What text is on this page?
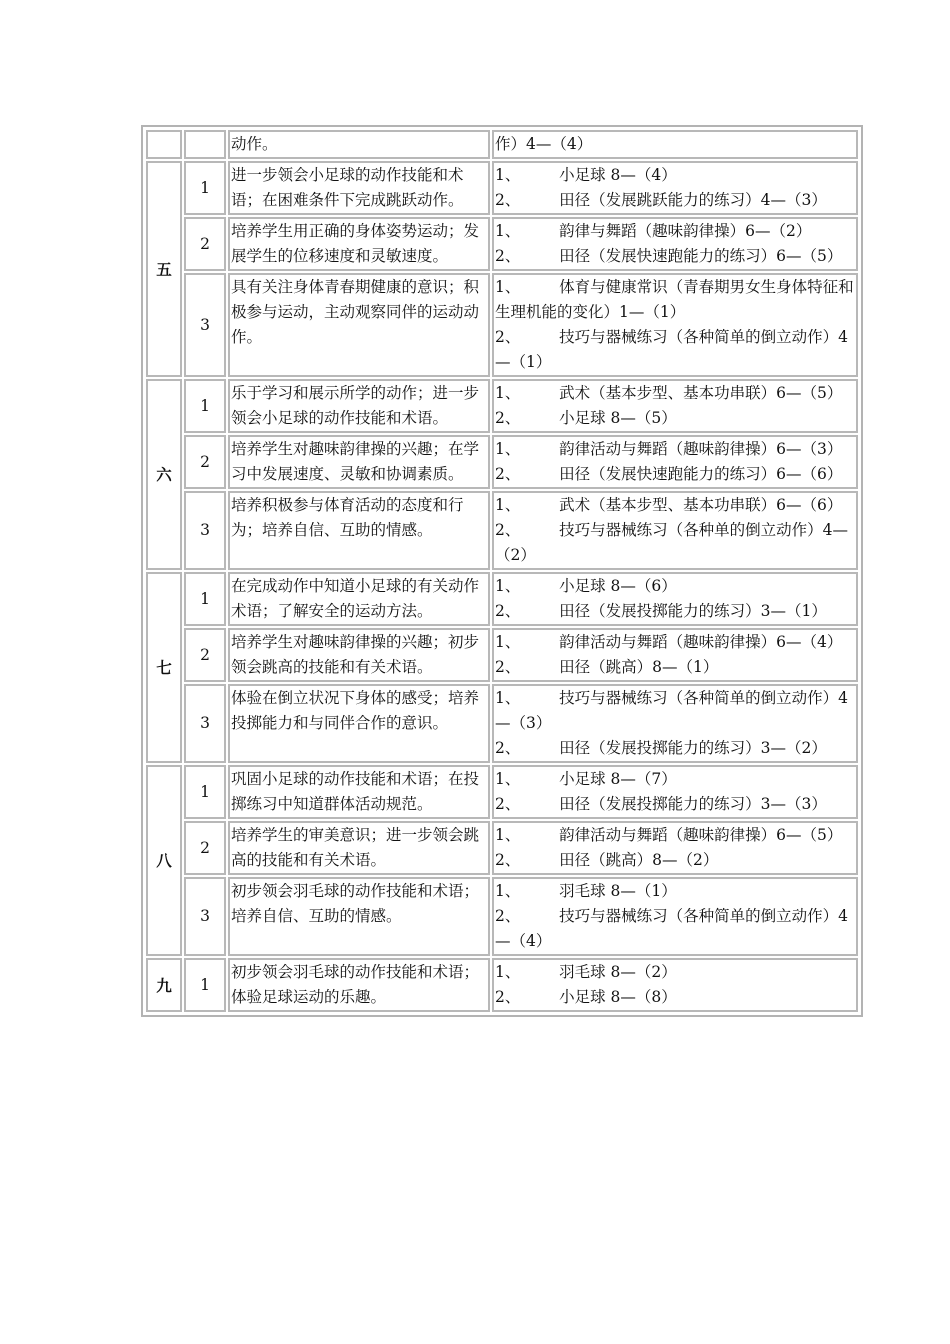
		动作。	作）4—（4）

五	1	进一步领会小足球的动作技能和术语；在困难条件下完成跳跃动作。	1、　　　小足球 8—（4）
2、　　　田径（发展跳跃能力的练习）4—（3）

	2	培养学生用正确的身体姿势运动；发展学生的位移速度和灵敏速度。	1、　　　韵律与舞蹈（趣味韵律操）6—（2）
2、　　　田径（发展快速跑能力的练习）6—（5）

	3	具有关注身体青春期健康的意识；积极参与运动，主动观察同伴的运动动作。	1、　　　体育与健康常识（青春期男女生身体特征和生理机能的变化）1—（1）
2、　　　技巧与器械练习（各种简单的倒立动作）4—（1）

六	1	乐于学习和展示所学的动作；进一步领会小足球的动作技能和术语。	1、　　　武术（基本步型、基本功串联）6—（5）
2、　　　小足球 8—（5）

	2	培养学生对趣味韵律操的兴趣；在学习中发展速度、灵敏和协调素质。	1、　　　韵律活动与舞蹈（趣味韵律操）6—（3）
2、　　　田径（发展快速跑能力的练习）6—（6）

	3	培养积极参与体育活动的态度和行为；培养自信、互助的情感。	1、　　　武术（基本步型、基本功串联）6—（6）
2、　　　技巧与器械练习（各种单的倒立动作）4—（2）

七	1	在完成动作中知道小足球的有关动作术语；了解安全的运动方法。	1、　　　小足球 8—（6）
2、　　　田径（发展投掷能力的练习）3—（1）

	2	培养学生对趣味韵律操的兴趣；初步领会跳高的技能和有关术语。	1、　　　韵律活动与舞蹈（趣味韵律操）6—（4）
2、　　　田径（跳高）8—（1）

	3	体验在倒立状况下身体的感受；培养投掷能力和与同伴合作的意识。	1、　　　技巧与器械练习（各种简单的倒立动作）4—（3）
2、　　　田径（发展投掷能力的练习）3—（2）

八	1	巩固小足球的动作技能和术语；在投掷练习中知道群体活动规范。	1、　　　小足球 8—（7）
2、　　　田径（发展投掷能力的练习）3—（3）

	2	培养学生的审美意识；进一步领会跳高的技能和有关术语。	1、　　　韵律活动与舞蹈（趣味韵律操）6—（5）
2、　　　田径（跳高）8—（2）

	3	初步领会羽毛球的动作技能和术语；培养自信、互助的情感。	1、　　　羽毛球 8—（1）
2、　　　技巧与器械练习（各种简单的倒立动作）4—（4）

九	1	初步领会羽毛球的动作技能和术语；体验足球运动的乐趣。	1、　　　羽毛球 8—（2）
2、　　　小足球 8—（8）
